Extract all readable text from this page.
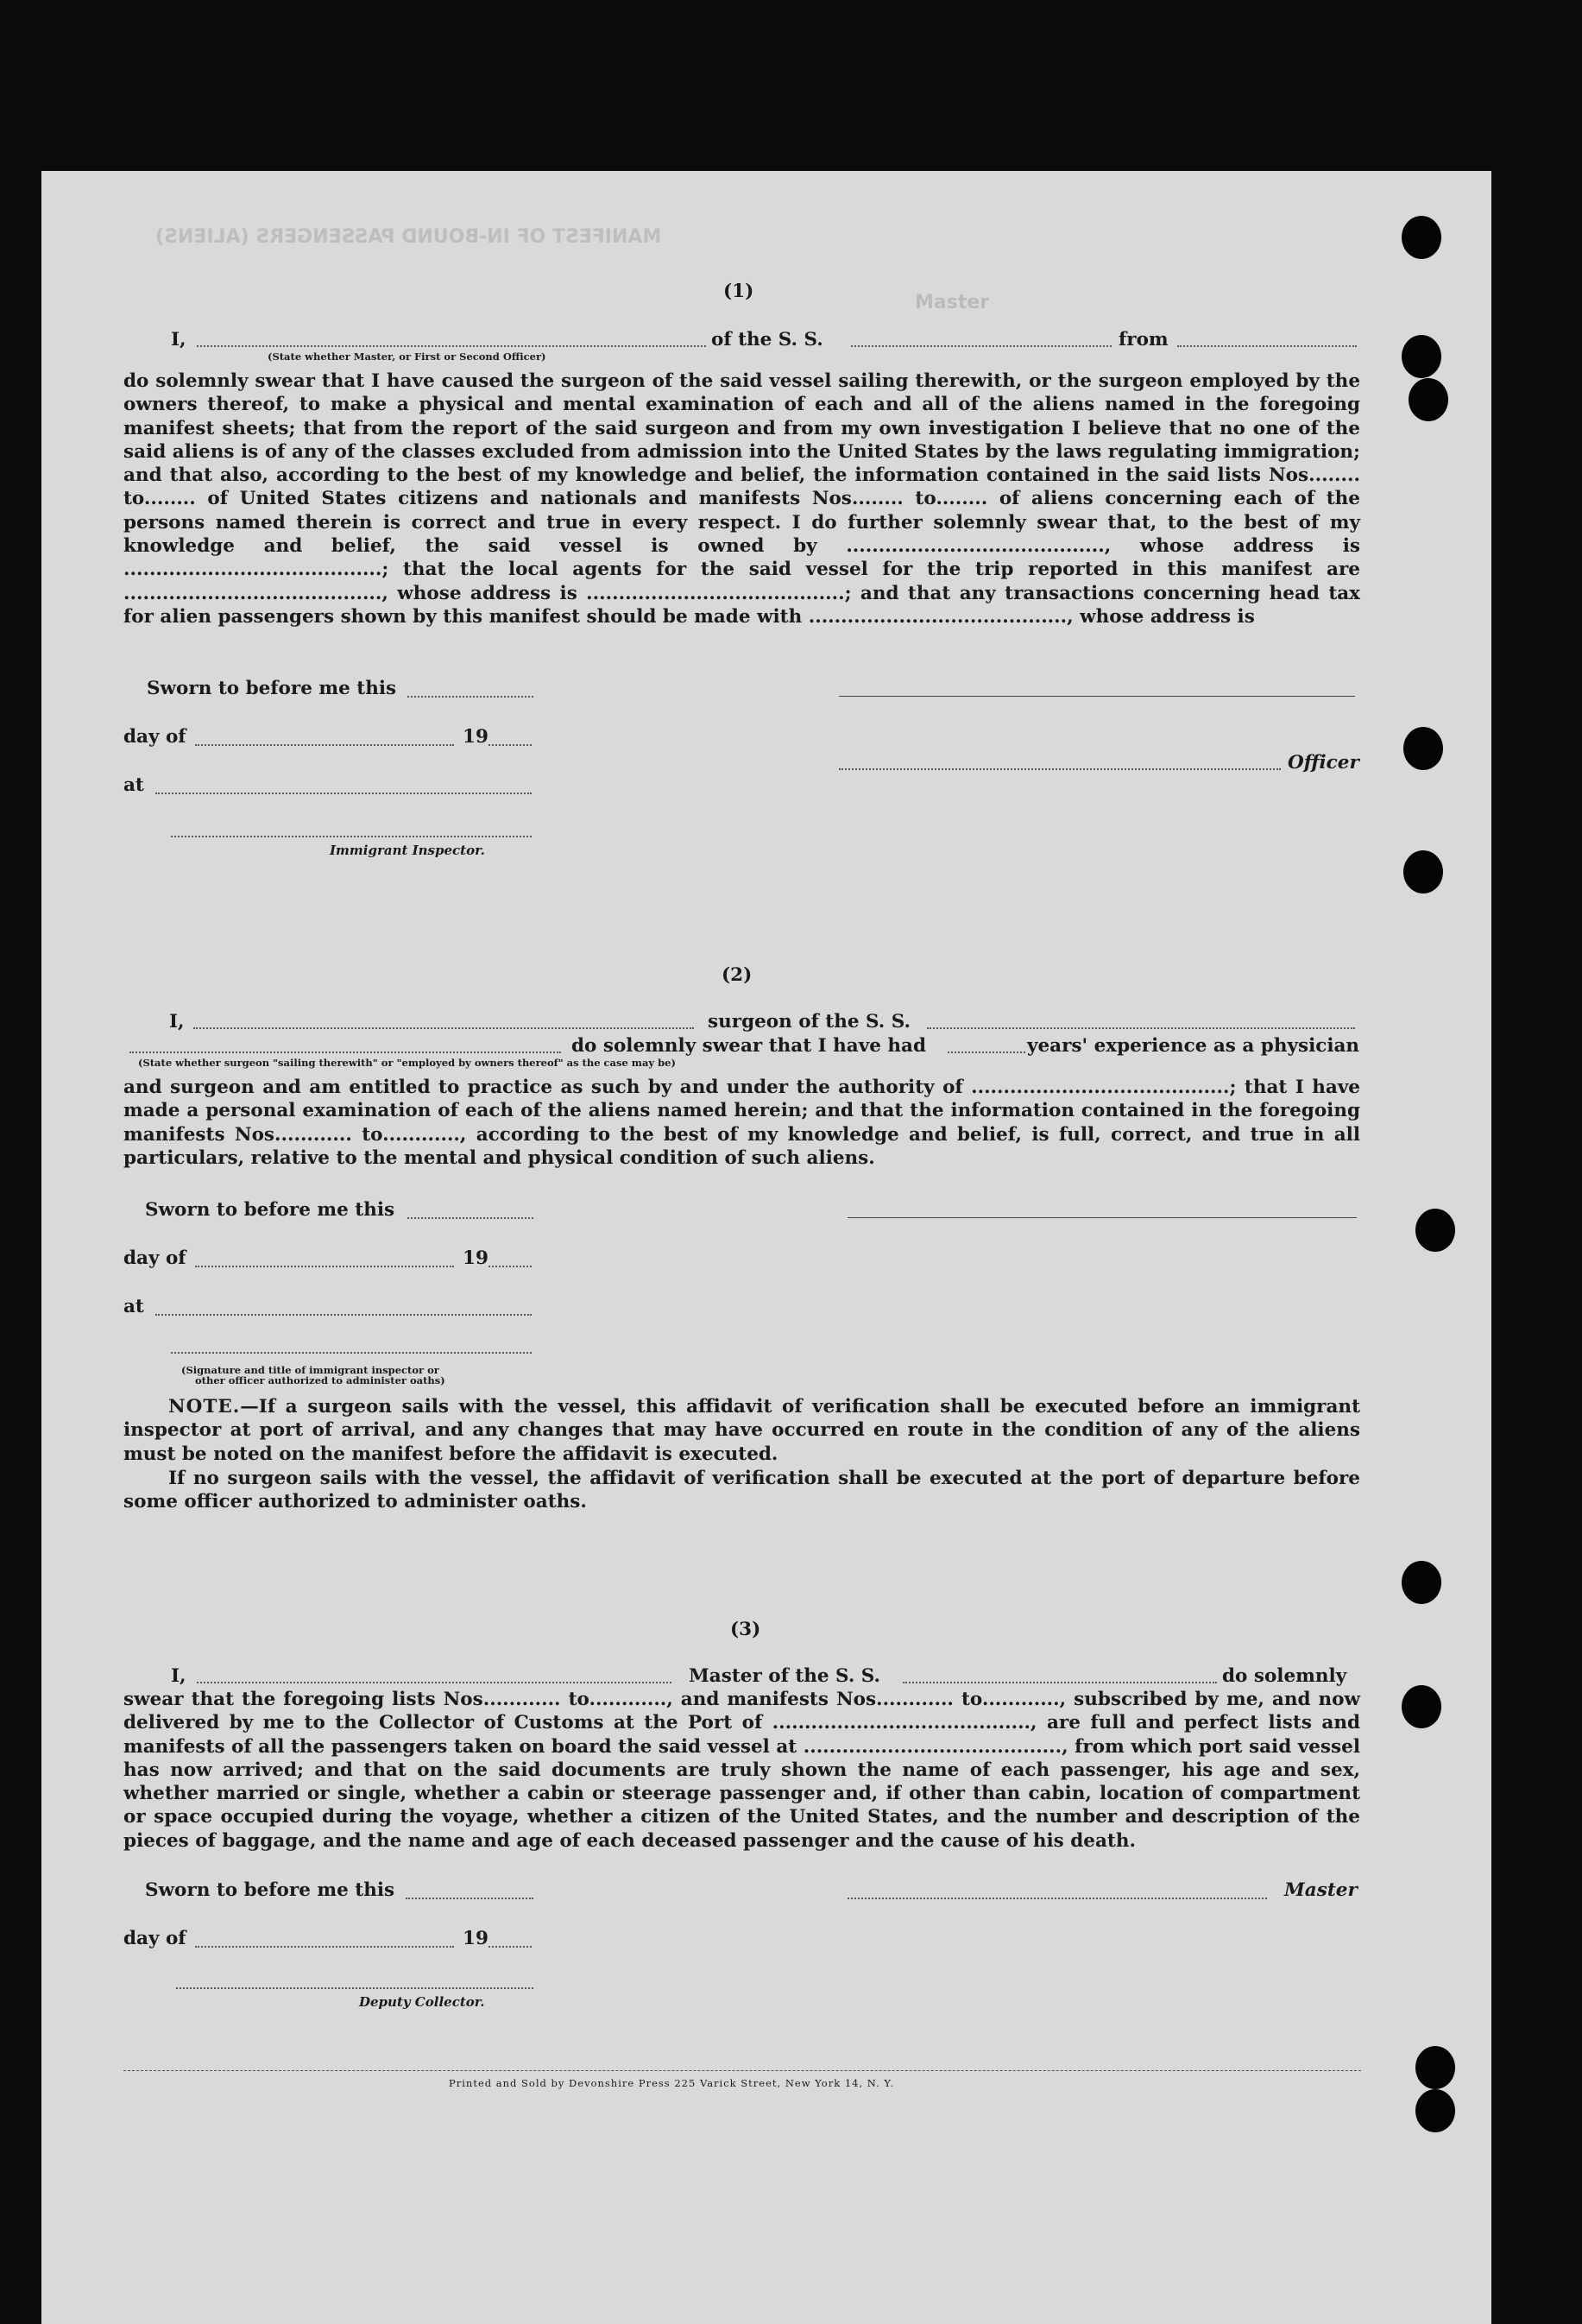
MANIFEST OF IN-BOUND PASSENGERS (ALIENS)
Master
(1)
I,	of the S. S.	from
(State whether Master, or First or Second Officer)
do solemnly swear that I have caused the surgeon of the said vessel sailing therewith, or the surgeon employed by the owners thereof, to make a physical and mental examination of each and all of the aliens named in the foregoing manifest sheets; that from the report of the said surgeon and from my own investigation I believe that no one of the said aliens is of any of the classes excluded from admission into the United States by the laws regulating immigration; and that also, according to the best of my knowledge and belief, the information contained in the said lists Nos........ to........ of United States citizens and nationals and manifests Nos........ to........ of aliens concerning each of the persons named therein is correct and true in every respect. I do further solemnly swear that, to the best of my knowledge and belief, the said vessel is owned by ........................................, whose address is ........................................; that the local agents for the said vessel for the trip reported in this manifest are ........................................, whose address is ........................................; and that any transactions concerning head tax for alien passengers shown by this manifest should be made with ........................................, whose address is
Sworn to before me this
day of	19
Officer
at
Immigrant Inspector.
(2)
I,	surgeon of the S. S.
do solemnly swear that I have had	years' experience as a physician
(State whether surgeon "sailing therewith" or "employed by owners thereof" as the case may be)
and surgeon and am entitled to practice as such by and under the authority of ........................................; that I have made a personal examination of each of the aliens named herein; and that the information contained in the foregoing manifests Nos............ to............, according to the best of my knowledge and belief, is full, correct, and true in all particulars, relative to the mental and physical condition of such aliens.
Sworn to before me this
day of	19
at
(Signature and title of immigrant inspector or
other officer authorized to administer oaths)
NOTE.—If a surgeon sails with the vessel, this affidavit of verification shall be executed before an immigrant inspector at port of arrival, and any changes that may have occurred en route in the condition of any of the aliens must be noted on the manifest before the affidavit is executed.
If no surgeon sails with the vessel, the affidavit of verification shall be executed at the port of departure before some officer authorized to administer oaths.
(3)
I,	Master of the S. S.	do solemnly
swear that the foregoing lists Nos............ to............, and manifests Nos............ to............, subscribed by me, and now delivered by me to the Collector of Customs at the Port of ........................................, are full and perfect lists and manifests of all the passengers taken on board the said vessel at ........................................, from which port said vessel has now arrived; and that on the said documents are truly shown the name of each passenger, his age and sex, whether married or single, whether a cabin or steerage passenger and, if other than cabin, location of compartment or space occupied during the voyage, whether a citizen of the United States, and the number and description of the pieces of baggage, and the name and age of each deceased passenger and the cause of his death.
Sworn to before me this	Master
day of	19
Deputy Collector.
Printed and Sold by Devonshire Press 225 Varick Street, New York 14, N. Y.
